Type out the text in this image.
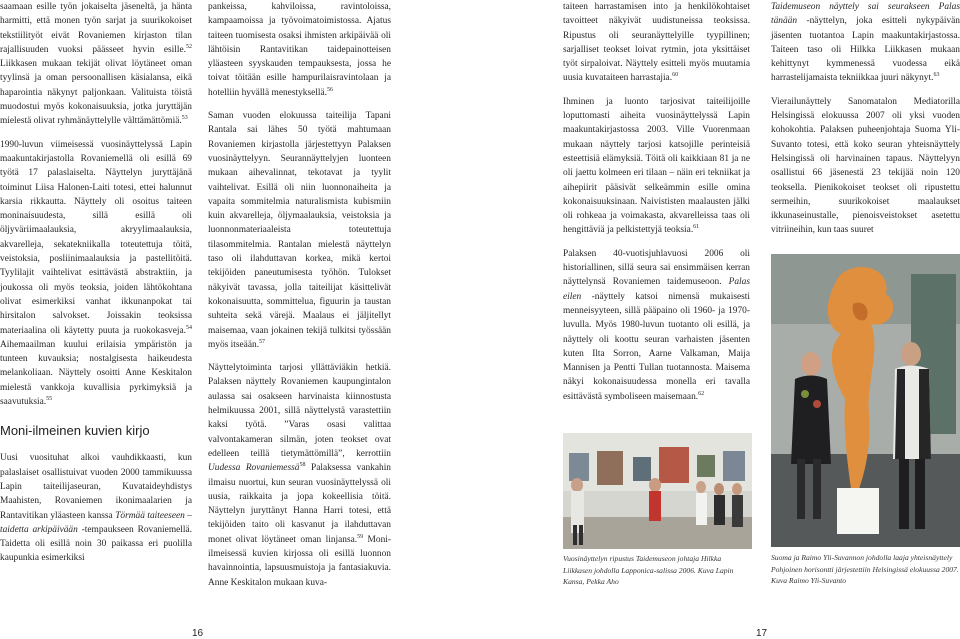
saamaan esille työn jokaiselta jäseneltä, ja hänta harmitti, että monen työn sarjat ja suurikokoiset tekstiilityöt eivät Rovaniemen kirjaston tilan rajallisuuden vuoksi päässeet hyvin esille.$^{52}$ Liikkasen mukaan tekijät olivat löytäneet oman tyylinsä ja oman persoonallisen käsialansa, eikä haparointia näkynyt paljonkaan. Valituista töistä muodostui myös kokonaisuuksia, jotka juryttäjän mielestä olivat ryhmänäyttelylle välttämättömiä.$^{53}$

1990-luvun viimeisessä vuosinäyttelyssä Lapin maakuntakirjastolla Rovaniemellä oli esillä 69 työtä 17 palaslaiselta. Näyttelyn juryttäjänä toiminut Liisa Halonen-Laiti totesi, ettei halunnut karsia rikkautta. Näyttely oli osoitus taiteen moninaisuudesta, sillä esillä oli öljyväriimaalauksia, akryylimaalauksia, akvarelleja, sekatekniikalla toteutettuja töitä, veistoksia, posliinimaalauksia ja pastellitöitä. Tyylilajit vaihtelivat esittävästä abstraktiin, ja joukossa oli myös teoksia, joiden lähtökohtana olivat esimerkiksi vanhat ikkunanpokat tai hirsitalon salvokset. Joissakin teoksissa materiaalina oli käytetty puuta ja ruokokasveja.$^{54}$ Aihemaailman kuului erilaisia ympäristön ja tunteen kuvauksia; nostalgisesta haikeudesta melankoliaan. Näyttely osoitti Anne Keskitalon mielestä vankkoja kuvallisia pyrkimyksiä ja saavutuksia.$^{55}$

Moni-ilmeinen kuvien kirjo

Uusi vuosituhat alkoi vauhdikkaasti, kun palaslaiset osallistuivat vuoden 2000 tammikuussa Lapin taiteilijaseuran, Kuvataideyhdistys Maahisten, Rovaniemen ikonimaalarien ja Rantavitikan yläasteen kanssa Törmää taiteeseen – taidetta arkipäivään -tempaukseen Rovaniemellä. Taidetta oli esillä noin 30 paikassa eri puolilla kaupunkia esimerkiksi

pankeissa, kahviloissa, ravintoloissa, kampaamoissa ja työvoimatoimistossa. Ajatus taiteen tuomisesta osaksi ihmisten arkipäivää oli lähtöisin Rantavitikan taidepainotteisen yläasteen syyskauden tempauksesta, jossa he toivat töitään esille hampurilaisravintolaan ja hotelliin hyvällä menestyksellä.$^{56}$

Saman vuoden elokuussa taiteilija Tapani Rantala sai lähes 50 työtä mahtumaan Rovaniemen kirjastolla järjestettyyn Palaksen vuosinäyttelyyn. Seurannäyttelyjen luonteen mukaan aihevalinnat, tekotavat ja tyylit vaihtelivat. Esillä oli niin luonnonaiheita ja vapaita sommitelmia naturalismista kubismiin kuin akvarelleja, öljymaalauksia, veistoksia ja luonnonmateriaaleista toteutettuja tilasommitelmia. Rantalan mielestä näyttelyn taso oli ilahduttavan korkea, mikä kertoi tekijöiden paneutumisesta työhön. Tulokset näkyivät tavassa, jolla taiteilijat käsittelivät kokonaisuutta, sommittelua, figuurin ja taustan suhteita sekä värejä. Maalaus ei jäljitellyt maisemaa, vaan jokainen tekijä tulkitsi työssään myös itseään.$^{57}$

Näyttelytoiminta tarjosi yllättäviäkin hetkiä. Palaksen näyttely Rovaniemen kaupungintalon aulassa sai osakseen harvinaista kiinnostusta helmikuussa 2001, sillä näyttelystä varastettiin kaksi työtä. ”Varas osasi valittaa valvontakameran silmän, joten teokset ovat edelleen teillä tietymättömillä”, kerrottiin Uudessa Rovaniemessä$^{58}$ Palaksessa vankahin ilmaisu nuortui, kun seuran vuosinäyttelyssä oli uusia, raikkaita ja jopa kokeellisia töitä. Näyttelyn juryttänyt Hanna Harri totesi, että tekijöiden taito oli kasvanut ja ilahduttavan monet olivat löytäneet oman linjansa.$^{59}$ Moni-ilmeisessä kuvien kirjossa oli esillä luonnon havainnointia, lapsuusmuistoja ja fantasiakuvia. Anne Keskitalon mukaan kuva-

16

taiteen harrastamisen into ja henkilökohtaiset tavoitteet näkyivät uudistuneissa teoksissa. Ripustus oli seuranäyttelyille tyypillinen; sarjalliset teokset loivat rytmin, jota yksittäiset työt sirpaloivat. Näyttely esitteli myös muutamia uusia kuvataiteen harrastajia.$^{60}$

Ihminen ja luonto tarjosivat taiteilijoille loputtomasti aiheita vuosinäyttelyssä Lapin maakuntakirjastossa 2003. Ville Vuorenmaan mukaan näyttely tarjosi katsojille perinteisiä esteettisiä elämyksiä. Töitä oli kaikkiaan 81 ja ne oli jaettu kolmeen eri tilaan – näin eri tekniikat ja aihepiirit pääsivät selkeämmin esille omina kokonaisuuksinaan. Naivististen maalausten jälki oli rohkeaa ja voimakasta, akvarelleissa taas oli hengittäviä ja pelkistettyjä teoksia.$^{61}$

Palaksen 40-vuotisjuhlavuosi 2006 oli historiallinen, sillä seura sai ensimmäisen kerran näyttelynsä Rovaniemen taidemuseoon. Palas eilen -näyttely katsoi nimensä mukaisesti menneisyyteen, sillä pääpaino oli 1960- ja 1970-luvulla. Myös 1980-luvun tuotanto oli esillä, ja näyttely oli koottu seuran varhaisten jäsenten kuten Ilta Sorron, Aarne Valkaman, Maija Mannisen ja Pentti Tullan tuotannosta. Maisema näkyi kokonaisuudessa monella eri tavalla esittävästä symboliseen maisemaan.$^{62}$

Taidemuseon näyttely sai seurakseen Palas tänään -näyttelyn, joka esitteli nykypäivän jäsenten tuotantoa Lapin maakuntakirjastossa. Taiteen taso oli Hilkka Liikkasen mukaan kehittynyt kymmenessä vuodessa eikä harrastelijamaista tekniikkaa juuri näkynyt.$^{63}$

Vierailunäyttely Sanomatalon Mediatorilla Helsingissä elokuussa 2007 oli yksi vuoden kohokohtia. Palaksen puheenjohtaja Suoma Yli-Suvanto totesi, että koko seuran yhteisnäyttely Helsingissä oli harvinainen tapaus. Näyttelyyn osallistui 66 jäsenestä 23 tekijää noin 120 teoksella. Pienikokoiset teokset oli ripustettu sermeihin, suurikokoiset maalaukset ikkunaseinustalle, pienoisveistokset asetettu vitriineihin, kun taas suuret

Vuosinäyttelyn ripustus Taidemuseon johtaja Hilkka Liikkasen johdolla Lapponica-salissa 2006. Kuva Lapin Kansa, Pekka Aho
Suoma ja Raimo Yli-Suvannon johdolla laaja yhteisnäyttely Pohjoinen horisontti järjestettiin Helsingissä elokuussa 2007. Kuva Raimo Yli-Suvanto
17
